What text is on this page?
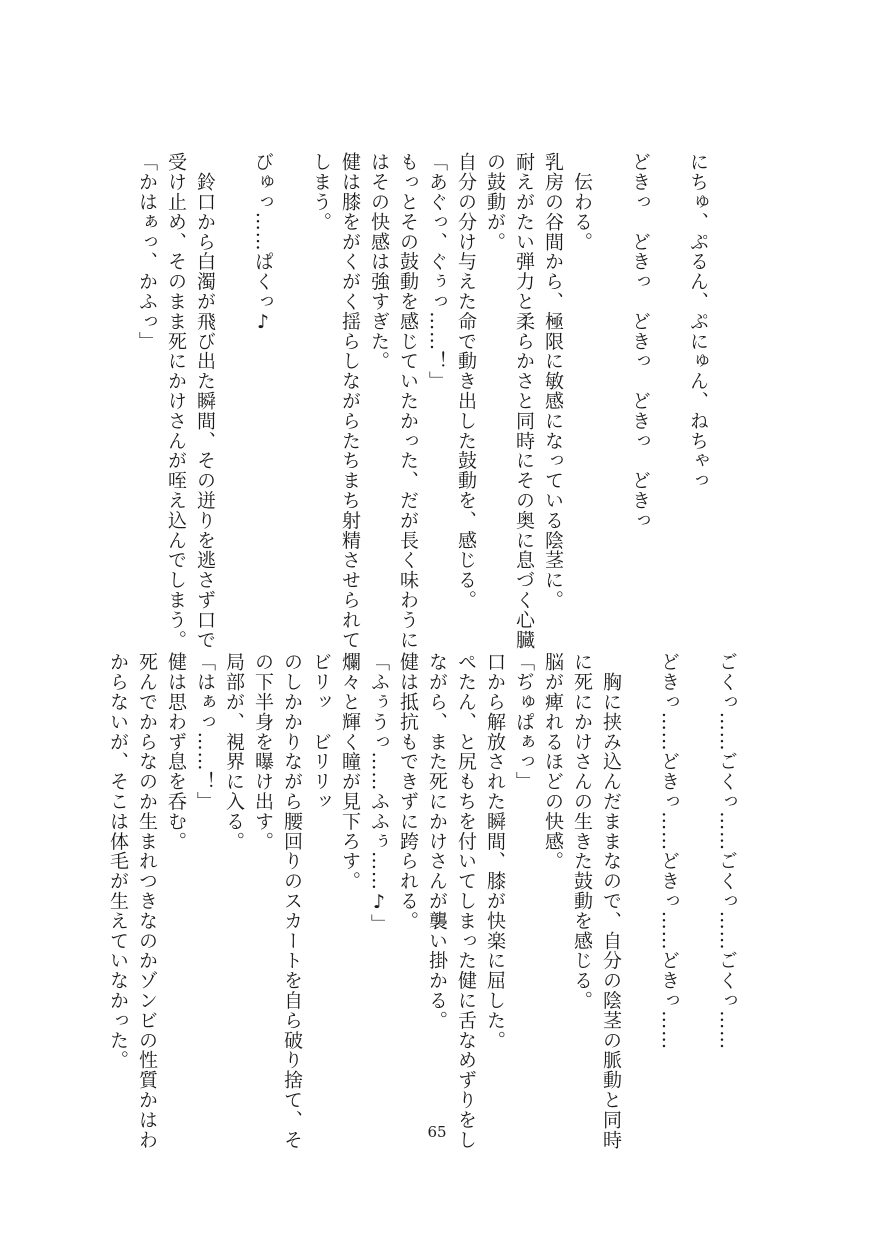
にちゅ、ぷるん、ぷにゅん、ねちゃっ
どきっ　どきっ　どきっ　どきっ　どきっ
　伝わる。
乳房の谷間から、極限に敏感になっている陰茎に。
耐えがたい弾力と柔らかさと同時にその奥に息づく心臓
の鼓動が。
自分の分け与えた命で動き出した鼓動を、感じる。
「あぐっ、ぐぅっ……！」
もっとその鼓動を感じていたかった、だが長く味わうに
はその快感は強すぎた。
健は膝をがくがく揺らしながらたちまち射精させられて
しまう。
びゅっ……ぱくっ♪
　鈴口から白濁が飛び出た瞬間、その迸りを逃さず口で
受け止め、そのまま死にかけさんが咥え込んでしまう。
「かはぁっ、かふっ」
ごくっ……ごくっ……ごくっ……ごくっ……
どきっ……どきっ……どきっ……どきっ……
　胸に挟み込んだままなので、自分の陰茎の脈動と同時
に死にかけさんの生きた鼓動を感じる。
脳が痺れるほどの快感。
「ぢゅぱぁっ」
口から解放された瞬間、膝が快楽に屈した。
ぺたん、と尻もちを付いてしまった健に舌なめずりをし
ながら、また死にかけさんが襲い掛かる。
健は抵抗もできずに跨られる。
「ふぅうっ……ふふぅ……♪」
爛々と輝く瞳が見下ろす。
ビリッ　ビリリッ
のしかかりながら腰回りのスカートを自ら破り捨て、そ
の下半身を曝け出す。
局部が、視界に入る。
「はぁっ……！」
健は思わず息を呑む。
死んでからなのか生まれつきなのかゾンビの性質かはわ
からないが、そこは体毛が生えていなかった。
65
